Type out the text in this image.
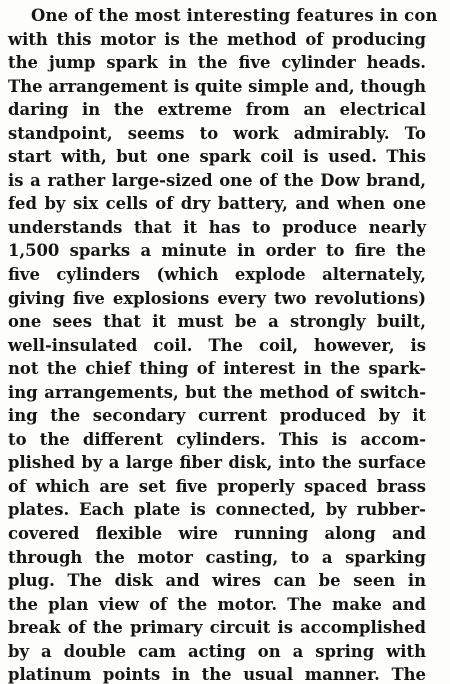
One of the most interesting features in con
with this motor is the method of producing
the jump spark in the five cylinder heads.
The arrangement is quite simple and, though
daring in the extreme from an electrical
standpoint, seems to work admirably. To
start with, but one spark coil is used. This
is a rather large-sized one of the Dow brand,
fed by six cells of dry battery, and when one
understands that it has to produce nearly
1,500 sparks a minute in order to fire the
five cylinders (which explode alternately,
giving five explosions every two revolutions)
one sees that it must be a strongly built,
well-insulated coil. The coil, however, is
not the chief thing of interest in the spark-
ing arrangements, but the method of switch-
ing the secondary current produced by it
to the different cylinders. This is accom-
plished by a large fiber disk, into the surface
of which are set five properly spaced brass
plates. Each plate is connected, by rubber-
covered flexible wire running along and
through the motor casting, to a sparking
plug. The disk and wires can be seen in
the plan view of the motor. The make and
break of the primary circuit is accomplished
by a double cam acting on a spring with
platinum points in the usual manner. The
